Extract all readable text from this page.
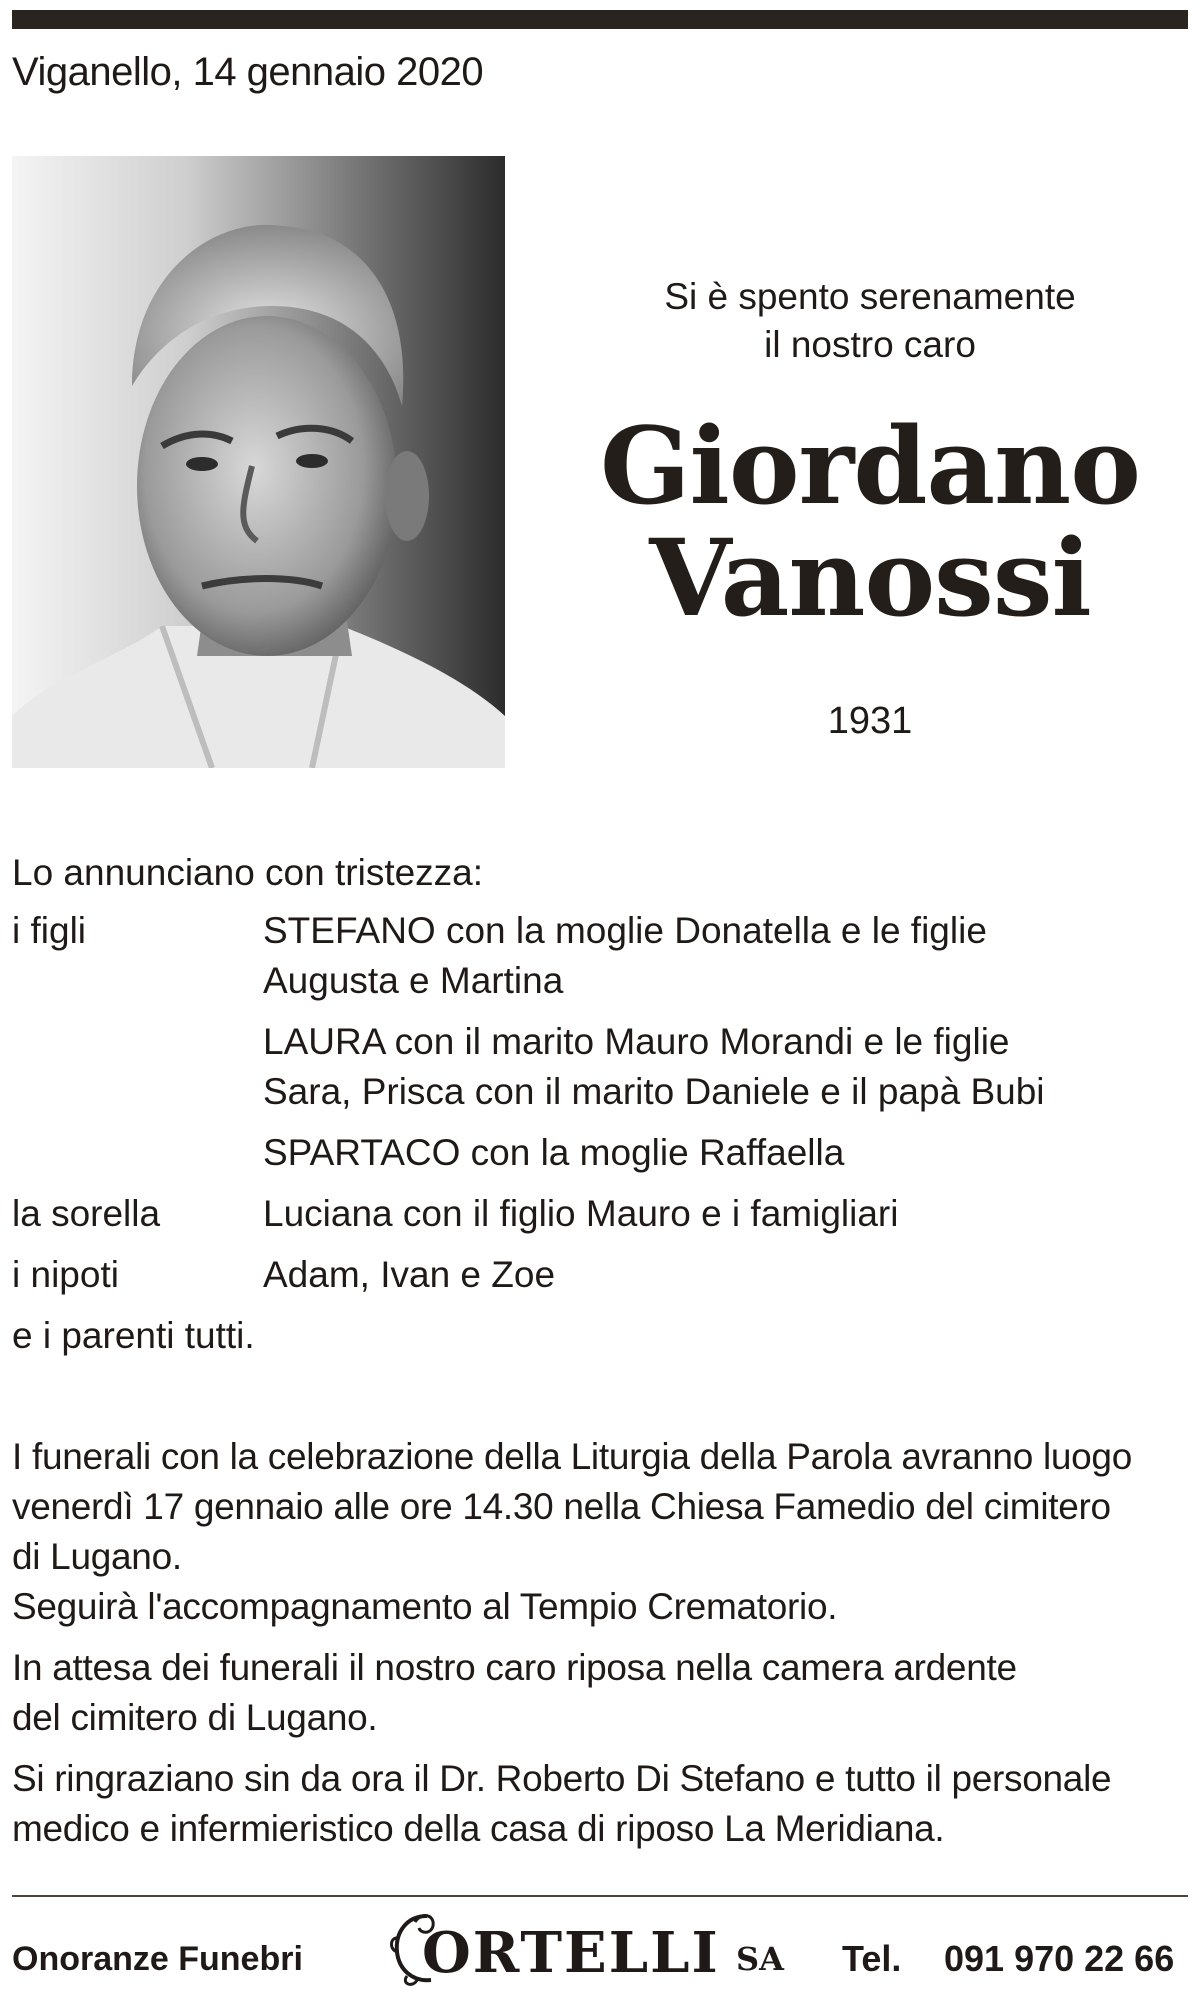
Viganello, 14 gennaio 2020
Si è spento serenamente
il nostro caro
Giordano
Vanossi
1931
Lo annunciano con tristezza:
i figli	STEFANO con la moglie Donatella e le figlie
Augusta e Martina
LAURA con il marito Mauro Morandi e le figlie
Sara, Prisca con il marito Daniele e il papà Bubi
SPARTACO con la moglie Raffaella
la sorella	Luciana con il figlio Mauro e i famigliari
i nipoti	Adam, Ivan e Zoe
e i parenti tutti.

I funerali con la celebrazione della Liturgia della Parola avranno luogo
venerdì 17 gennaio alle ore 14.30 nella Chiesa Famedio del cimitero
di Lugano.
Seguirà l'accompagnamento al Tempio Crematorio.

In attesa dei funerali il nostro caro riposa nella camera ardente
del cimitero di Lugano.

Si ringraziano sin da ora il Dr. Roberto Di Stefano e tutto il personale
medico e infermieristico della casa di riposo La Meridiana.

Onoranze Funebri ORTELLI SA Tel. 091 970 22 66
